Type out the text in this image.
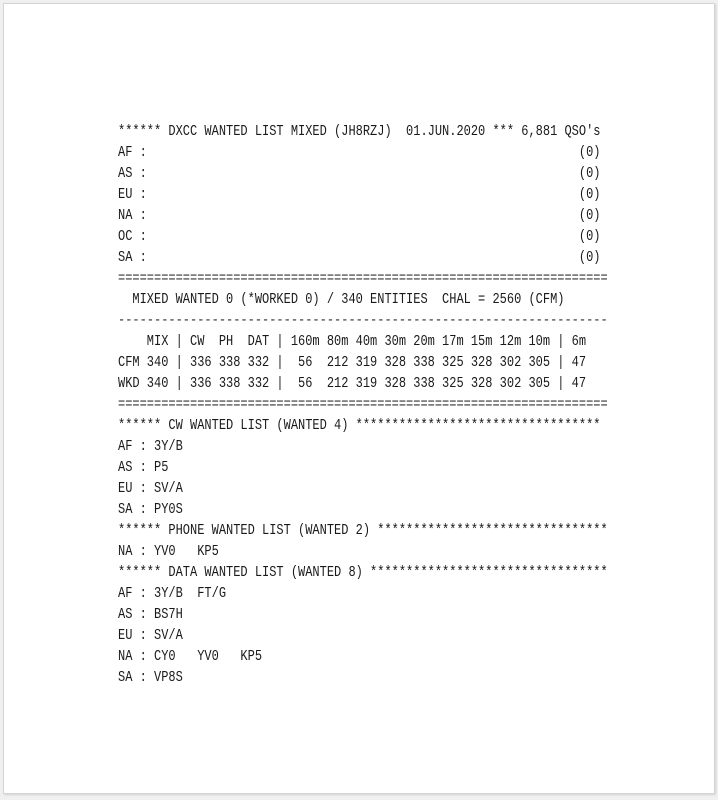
****** DXCC WANTED LIST MIXED (JH8RZJ)  01.JUN.2020 *** 6,881 QSO's
AF :                                                            (0)
AS :                                                            (0)
EU :                                                            (0)
NA :                                                            (0)
OC :                                                            (0)
SA :                                                            (0)
====================================================================
MIXED WANTED 0 (*WORKED 0) / 340 ENTITIES  CHAL = 2560 (CFM)
--------------------------------------------------------------------
MIX | CW  PH  DAT | 160m 80m 40m 30m 20m 17m 15m 12m 10m | 6m
CFM 340 | 336 338 332 |  56  212 319 328 338 325 328 302 305 | 47
WKD 340 | 336 338 332 |  56  212 319 328 338 325 328 302 305 | 47
====================================================================
****** CW WANTED LIST (WANTED 4) **********************************
AF : 3Y/B
AS : P5
EU : SV/A
SA : PY0S
****** PHONE WANTED LIST (WANTED 2) ********************************
NA : YV0   KP5
****** DATA WANTED LIST (WANTED 8) *********************************
AF : 3Y/B  FT/G
AS : BS7H
EU : SV/A
NA : CY0   YV0   KP5
SA : VP8S
